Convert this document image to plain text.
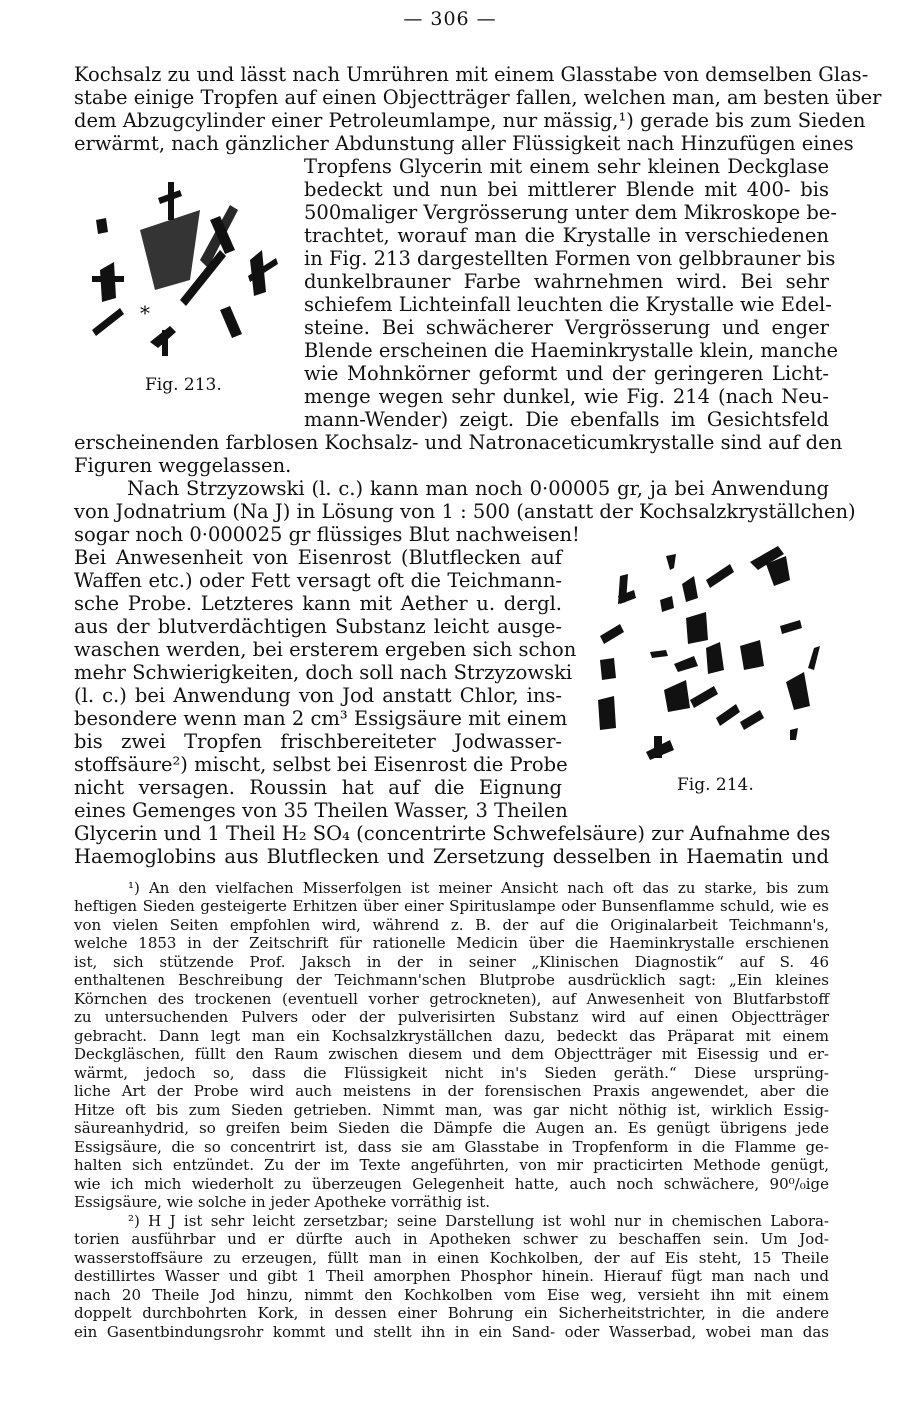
— 306 —
Kochsalz zu und lässt nach Umrühren mit einem Glasstabe von demselben Glas-
stabe einige Tropfen auf einen Objectträger fallen, welchen man, am besten über
dem Abzugcylinder einer Petroleumlampe, nur mässig,¹) gerade bis zum Sieden
erwärmt, nach gänzlicher Abdunstung aller Flüssigkeit nach Hinzufügen eines
*
Fig. 213.
Tropfens Glycerin mit einem sehr kleinen Deckglase
bedeckt und nun bei mittlerer Blende mit 400- bis
500maliger Vergrösserung unter dem Mikroskope be-
trachtet, worauf man die Krystalle in verschiedenen
in Fig. 213 dargestellten Formen von gelbbrauner bis
dunkelbrauner Farbe wahrnehmen wird. Bei sehr
schiefem Lichteinfall leuchten die Krystalle wie Edel-
steine. Bei schwächerer Vergrösserung und enger
Blende erscheinen die Haeminkrystalle klein, manche
wie Mohnkörner geformt und der geringeren Licht-
menge wegen sehr dunkel, wie Fig. 214 (nach Neu-
mann-Wender) zeigt. Die ebenfalls im Gesichtsfeld
erscheinenden farblosen Kochsalz- und Natronaceticumkrystalle sind auf den
Figuren weggelassen.
Nach Strzyzowski (l. c.) kann man noch 0·00005 gr, ja bei Anwendung
von Jodnatrium (Na J) in Lösung von 1 : 500 (anstatt der Kochsalzkryställchen)
sogar noch 0·000025 gr flüssiges Blut nachweisen!
Bei Anwesenheit von Eisenrost (Blutflecken auf
Waffen etc.) oder Fett versagt oft die Teichmann-
sche Probe. Letzteres kann mit Aether u. dergl.
aus der blutverdächtigen Substanz leicht ausge-
waschen werden, bei ersterem ergeben sich schon
mehr Schwierigkeiten, doch soll nach Strzyzowski
(l. c.) bei Anwendung von Jod anstatt Chlor, ins-
besondere wenn man 2 cm³ Essigsäure mit einem
bis zwei Tropfen frischbereiteter Jodwasser-
stoffsäure²) mischt, selbst bei Eisenrost die Probe
nicht versagen. Roussin hat auf die Eignung
eines Gemenges von 35 Theilen Wasser, 3 Theilen
Fig. 214.
Glycerin und 1 Theil H₂ SO₄ (concentrirte Schwefelsäure) zur Aufnahme des
Haemoglobins aus Blutflecken und Zersetzung desselben in Haematin und
¹) An den vielfachen Misserfolgen ist meiner Ansicht nach oft das zu starke, bis zum
heftigen Sieden gesteigerte Erhitzen über einer Spirituslampe oder Bunsenflamme schuld, wie es
von vielen Seiten empfohlen wird, während z. B. der auf die Originalarbeit Teichmann's,
welche 1853 in der Zeitschrift für rationelle Medicin über die Haeminkrystalle erschienen
ist, sich stützende Prof. Jaksch in der in seiner „Klinischen Diagnostik“ auf S. 46
enthaltenen Beschreibung der Teichmann'schen Blutprobe ausdrücklich sagt: „Ein kleines
Körnchen des trockenen (eventuell vorher getrockneten), auf Anwesenheit von Blutfarbstoff
zu untersuchenden Pulvers oder der pulverisirten Substanz wird auf einen Objectträger
gebracht. Dann legt man ein Kochsalzkryställchen dazu, bedeckt das Präparat mit einem
Deckgläschen, füllt den Raum zwischen diesem und dem Objectträger mit Eisessig und er-
wärmt, jedoch so, dass die Flüssigkeit nicht in's Sieden geräth.“ Diese ursprüng-
liche Art der Probe wird auch meistens in der forensischen Praxis angewendet, aber die
Hitze oft bis zum Sieden getrieben. Nimmt man, was gar nicht nöthig ist, wirklich Essig-
säureanhydrid, so greifen beim Sieden die Dämpfe die Augen an. Es genügt übrigens jede
Essigsäure, die so concentrirt ist, dass sie am Glasstabe in Tropfenform in die Flamme ge-
halten sich entzündet. Zu der im Texte angeführten, von mir practicirten Methode genügt,
wie ich mich wiederholt zu überzeugen Gelegenheit hatte, auch noch schwächere, 90⁰/₀ige
Essigsäure, wie solche in jeder Apotheke vorräthig ist.
²) H J ist sehr leicht zersetzbar; seine Darstellung ist wohl nur in chemischen Labora-
torien ausführbar und er dürfte auch in Apotheken schwer zu beschaffen sein. Um Jod-
wasserstoffsäure zu erzeugen, füllt man in einen Kochkolben, der auf Eis steht, 15 Theile
destillirtes Wasser und gibt 1 Theil amorphen Phosphor hinein. Hierauf fügt man nach und
nach 20 Theile Jod hinzu, nimmt den Kochkolben vom Eise weg, versieht ihn mit einem
doppelt durchbohrten Kork, in dessen einer Bohrung ein Sicherheitstrichter, in die andere
ein Gasentbindungsrohr kommt und stellt ihn in ein Sand- oder Wasserbad, wobei man das
